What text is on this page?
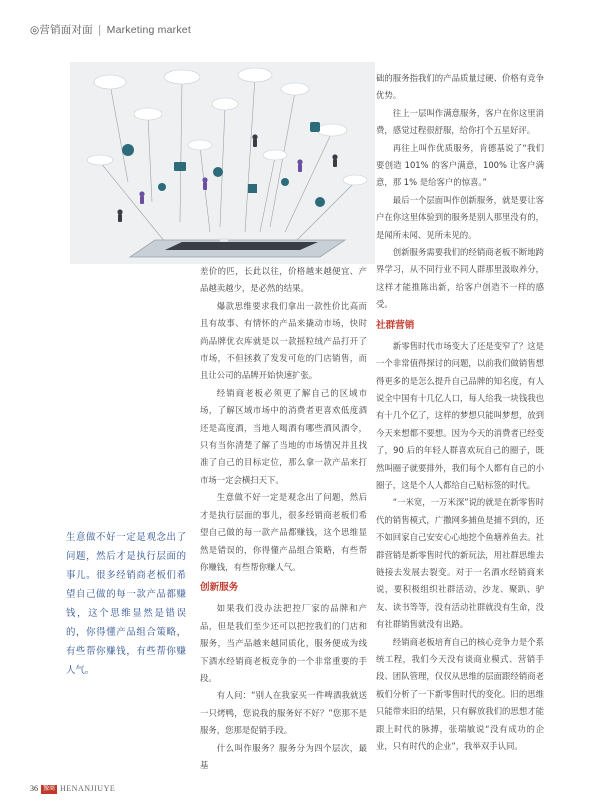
◎营销面对面 | Marketing market
生意做不好一定是观念出了问题，然后才是执行层面的事儿。很多经销商老板们希望自己做的每一款产品都赚钱，这个思维显然是错误的，你得懂产品组合策略，有些帮你赚钱，有些帮你赚人气。

差价的匹，长此以往，价格越来越便宜、产品越卖越少，是必然的结果。

爆款思维要求我们拿出一款性价比高而且有故事、有情怀的产品来撬动市场，快时尚品牌优衣库就是以一款摇粒绒产品打开了市场，不但拯救了发发可危的门店销售，而且让公司的品牌开始快速扩张。

经销商老板必须更了解自己的区域市场，了解区域市场中的消费者更喜欢低度酒还是高度酒，当地人喝酒有哪些酒风酒令，只有当你清楚了解了当地的市场情况并且找准了自己的目标定位，那么拿一款产品来打市场一定会横扫天下。

生意做不好一定是观念出了问题，然后才是执行层面的事儿，很多经销商老板们希望自己做的每一款产品都赚钱，这个思维显然是错误的，你得懂产品组合策略，有些帮你赚钱，有些帮你赚人气。

创新服务

如果我们没办法把控厂家的品牌和产品，但是我们至少还可以把控我们的门店和服务，当产品越来越同质化，服务便成为线下酒水经销商老板竞争的一个非常重要的手段。

有人问：“别人在我家买一件啤酒我就送一只烤鸭，您说我的服务好不好？”您那不是服务，您那是促销手段。

什么叫作服务？服务分为四个层次，最基

础的服务指我们的产品质量过硬、价格有竞争优势。

往上一层叫作满意服务，客户在你这里消费，感觉过程很舒服，给你打个五星好评。

再往上叫作优质服务，肯德基说了“我们要创造 101% 的客户满意，100% 让客户满意，那 1% 是给客户的惊喜。”

最后一个层面叫作创新服务，就是要让客户在你这里体验到的服务是别人那里没有的，是闻所未闻、见所未见的。

创新服务需要我们的经销商老板不断地跨界学习，从不同行业不同人群那里汲取养分，这样才能推陈出新，给客户创造不一样的感受。

社群营销

新零售时代市场变大了还是变窄了？这是一个非常值得探讨的问题，以前我们做销售想得更多的是怎么提升自己品牌的知名度，有人说全中国有十几亿人口，每人给我一块钱我也有十几个亿了，这样的梦想只能叫梦想，放到今天来想都不要想。因为今天的消费者已经变了，90 后的年轻人群喜欢玩自己的圈子，既然叫圈子就要排外，我们每个人都有自己的小圈子，这是个人人都给自己贴标签的时代。

“一米宽，一万米深”说的就是在新零售时代的销售模式，广撒网多捕鱼是捕不到的，还不如回家自己安安心心地挖个鱼塘养鱼去。社群营销是新零售时代的新玩法，用社群思维去链接去发展去裂变。对于一名酒水经销商来说，要积极组织社群活动，沙龙、聚趴、驴友、读书等等，没有活动社群就没有生命，没有社群销售就没有出路。

经销商老板培育自己的核心竞争力是个系统工程，我们今天没有谈商业模式、营销手段、团队管理，仅仅从思维的层面跟经销商老板们分析了一下新零售时代的变化。旧的思维只能带来旧的结果，只有解放我们的思想才能跟上时代的脉搏，张瑞敏说“没有成功的企业，只有时代的企业”，我举双手认同。

36 豫商 HENANJIUYE
